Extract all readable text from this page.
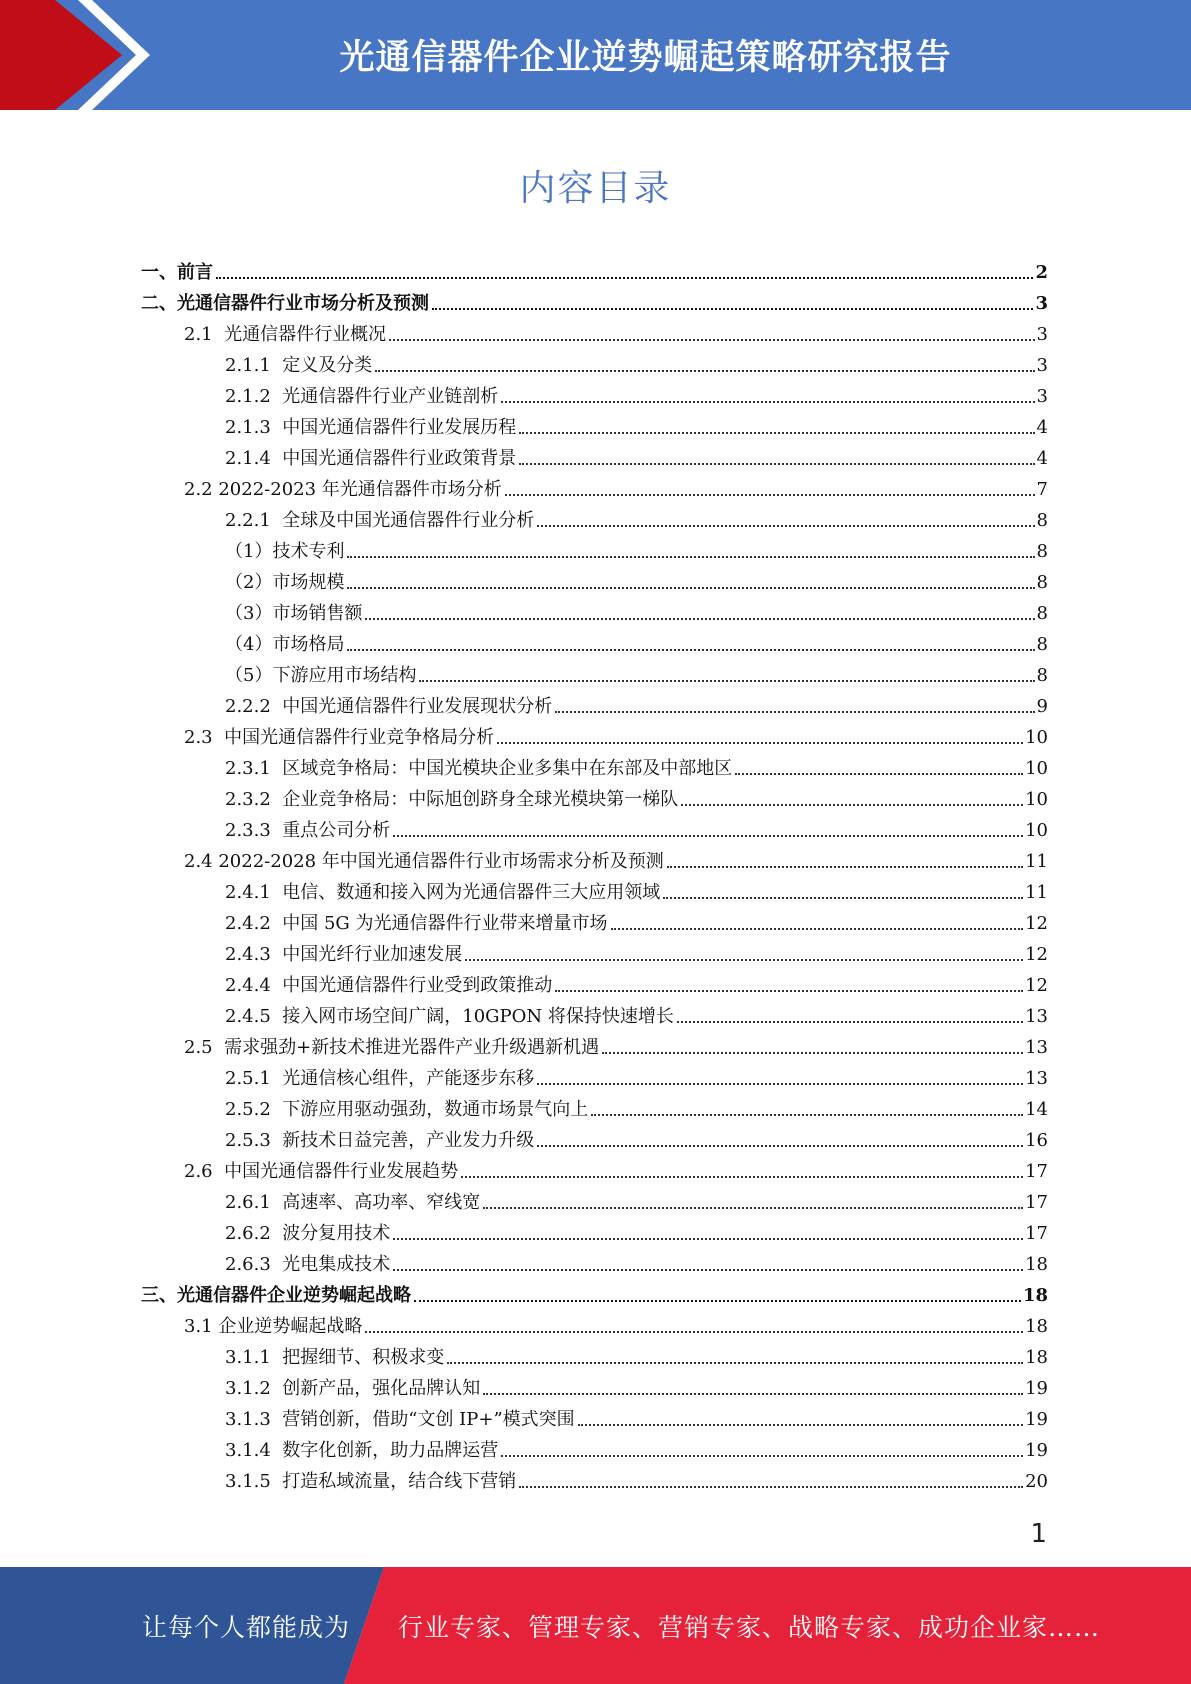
光通信器件企业逆势崛起策略研究报告
内容目录
一、前言	2
二、光通信器件行业市场分析及预测	3
2.1 光通信器件行业概况	3
2.1.1 定义及分类	3
2.1.2 光通信器件行业产业链剖析	3
2.1.3 中国光通信器件行业发展历程	4
2.1.4 中国光通信器件行业政策背景	4
2.2 2022-2023 年光通信器件市场分析	7
2.2.1 全球及中国光通信器件行业分析	8
（1）技术专利	8
（2）市场规模	8
（3）市场销售额	8
（4）市场格局	8
（5）下游应用市场结构	8
2.2.2 中国光通信器件行业发展现状分析	9
2.3 中国光通信器件行业竞争格局分析	10
2.3.1 区域竞争格局：中国光模块企业多集中在东部及中部地区	10
2.3.2 企业竞争格局：中际旭创跻身全球光模块第一梯队	10
2.3.3 重点公司分析	10
2.4 2022-2028 年中国光通信器件行业市场需求分析及预测	11
2.4.1 电信、数通和接入网为光通信器件三大应用领域	11
2.4.2 中国 5G 为光通信器件行业带来增量市场	12
2.4.3 中国光纤行业加速发展	12
2.4.4 中国光通信器件行业受到政策推动	12
2.4.5 接入网市场空间广阔，10GPON 将保持快速增长	13
2.5 需求强劲+新技术推进光器件产业升级遇新机遇	13
2.5.1 光通信核心组件，产能逐步东移	13
2.5.2 下游应用驱动强劲，数通市场景气向上	14
2.5.3 新技术日益完善，产业发力升级	16
2.6 中国光通信器件行业发展趋势	17
2.6.1 高速率、高功率、窄线宽	17
2.6.2 波分复用技术	17
2.6.3 光电集成技术	18
三、光通信器件企业逆势崛起战略	18
3.1 企业逆势崛起战略	18
3.1.1 把握细节、积极求变	18
3.1.2 创新产品，强化品牌认知	19
3.1.3 营销创新，借助“文创 IP+”模式突围	19
3.1.4 数字化创新，助力品牌运营	19
3.1.5 打造私域流量，结合线下营销	20
1
让每个人都能成为 行业专家、管理专家、营销专家、战略专家、成功企业家……
